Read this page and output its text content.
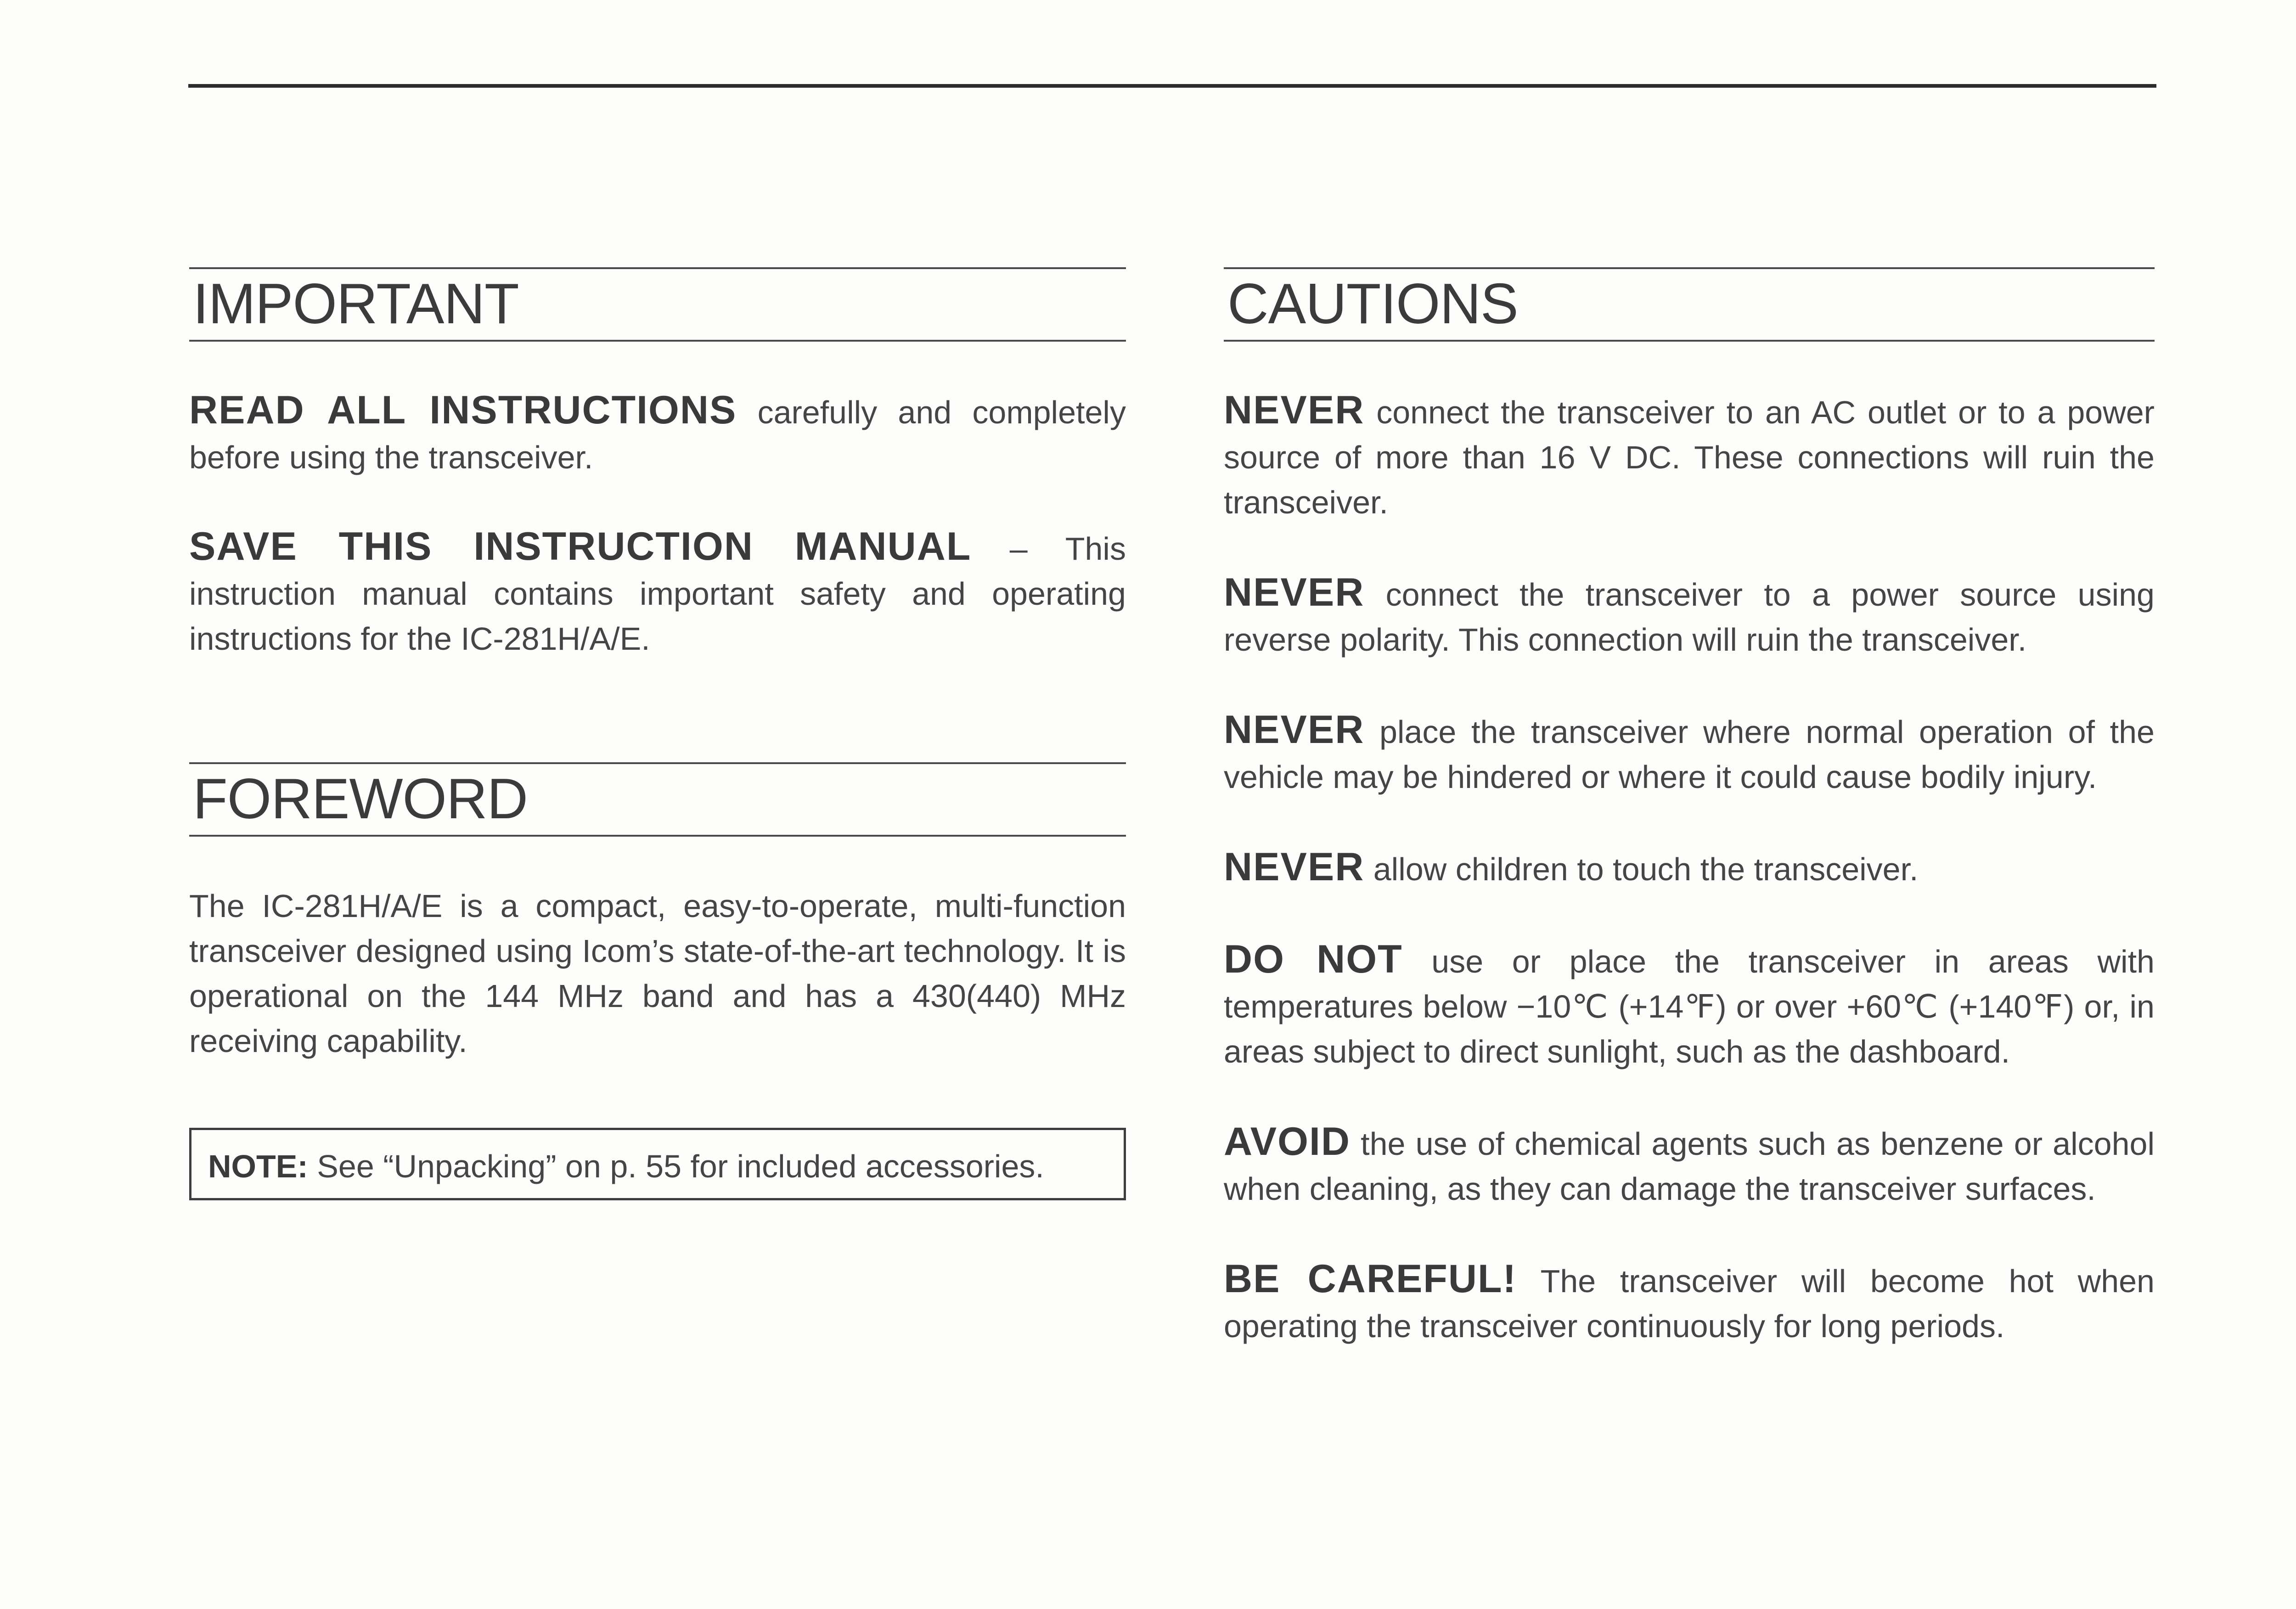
IMPORTANT

READ ALL INSTRUCTIONS carefully and completely before using the transceiver.

SAVE THIS INSTRUCTION MANUAL – This instruction manual contains important safety and operating instructions for the IC-281H/A/E.

FOREWORD

The IC-281H/A/E is a compact, easy-to-operate, multi-function transceiver designed using Icom’s state-of-the-art technology. It is operational on the 144 MHz band and has a 430(440) MHz receiving capability.

NOTE: See “Unpacking” on p. 55 for included accessories.
CAUTIONS

NEVER connect the transceiver to an AC outlet or to a power source of more than 16 V DC. These connections will ruin the transceiver.

NEVER connect the transceiver to a power source using reverse polarity. This connection will ruin the transceiver.

NEVER place the transceiver where normal operation of the vehicle may be hindered or where it could cause bodily injury.

NEVER allow children to touch the transceiver.

DO NOT use or place the transceiver in areas with temperatures below −10℃ (+14℉) or over +60℃ (+140℉) or, in areas subject to direct sunlight, such as the dashboard.

AVOID the use of chemical agents such as benzene or alcohol when cleaning, as they can damage the transceiver surfaces.

BE CAREFUL! The transceiver will become hot when operating the transceiver continuously for long periods.
